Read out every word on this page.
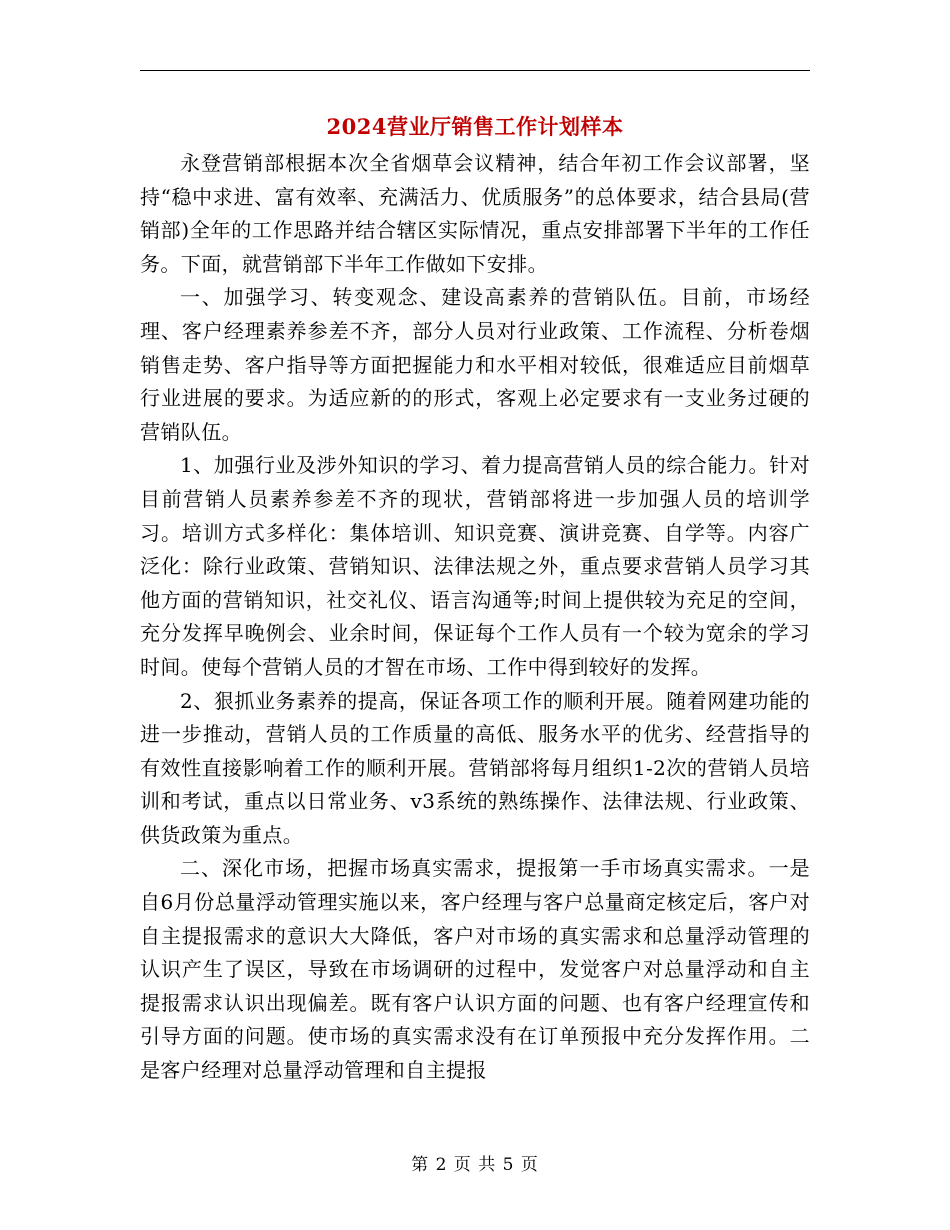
2024营业厅销售工作计划样本

永登营销部根据本次全省烟草会议精神，结合年初工作会议部署，坚持“稳中求进、富有效率、充满活力、优质服务”的总体要求，结合县局(营销部)全年的工作思路并结合辖区实际情况，重点安排部署下半年的工作任务。下面，就营销部下半年工作做如下安排。

一、加强学习、转变观念、建设高素养的营销队伍。目前，市场经理、客户经理素养参差不齐，部分人员对行业政策、工作流程、分析卷烟销售走势、客户指导等方面把握能力和水平相对较低，很难适应目前烟草行业进展的要求。为适应新的的形式，客观上必定要求有一支业务过硬的营销队伍。

1、加强行业及涉外知识的学习、着力提高营销人员的综合能力。针对目前营销人员素养参差不齐的现状，营销部将进一步加强人员的培训学习。培训方式多样化：集体培训、知识竞赛、演讲竞赛、自学等。内容广泛化：除行业政策、营销知识、法律法规之外，重点要求营销人员学习其他方面的营销知识，社交礼仪、语言沟通等;时间上提供较为充足的空间，充分发挥早晚例会、业余时间，保证每个工作人员有一个较为宽余的学习时间。使每个营销人员的才智在市场、工作中得到较好的发挥。

2、狠抓业务素养的提高，保证各项工作的顺利开展。随着网建功能的进一步推动，营销人员的工作质量的高低、服务水平的优劣、经营指导的有效性直接影响着工作的顺利开展。营销部将每月组织1-2次的营销人员培训和考试，重点以日常业务、v3系统的熟练操作、法律法规、行业政策、供货政策为重点。

二、深化市场，把握市场真实需求，提报第一手市场真实需求。一是自6月份总量浮动管理实施以来，客户经理与客户总量商定核定后，客户对自主提报需求的意识大大降低，客户对市场的真实需求和总量浮动管理的认识产生了误区，导致在市场调研的过程中，发觉客户对总量浮动和自主提报需求认识出现偏差。既有客户认识方面的问题、也有客户经理宣传和引导方面的问题。使市场的真实需求没有在订单预报中充分发挥作用。二是客户经理对总量浮动管理和自主提报

第 2 页 共 5 页
